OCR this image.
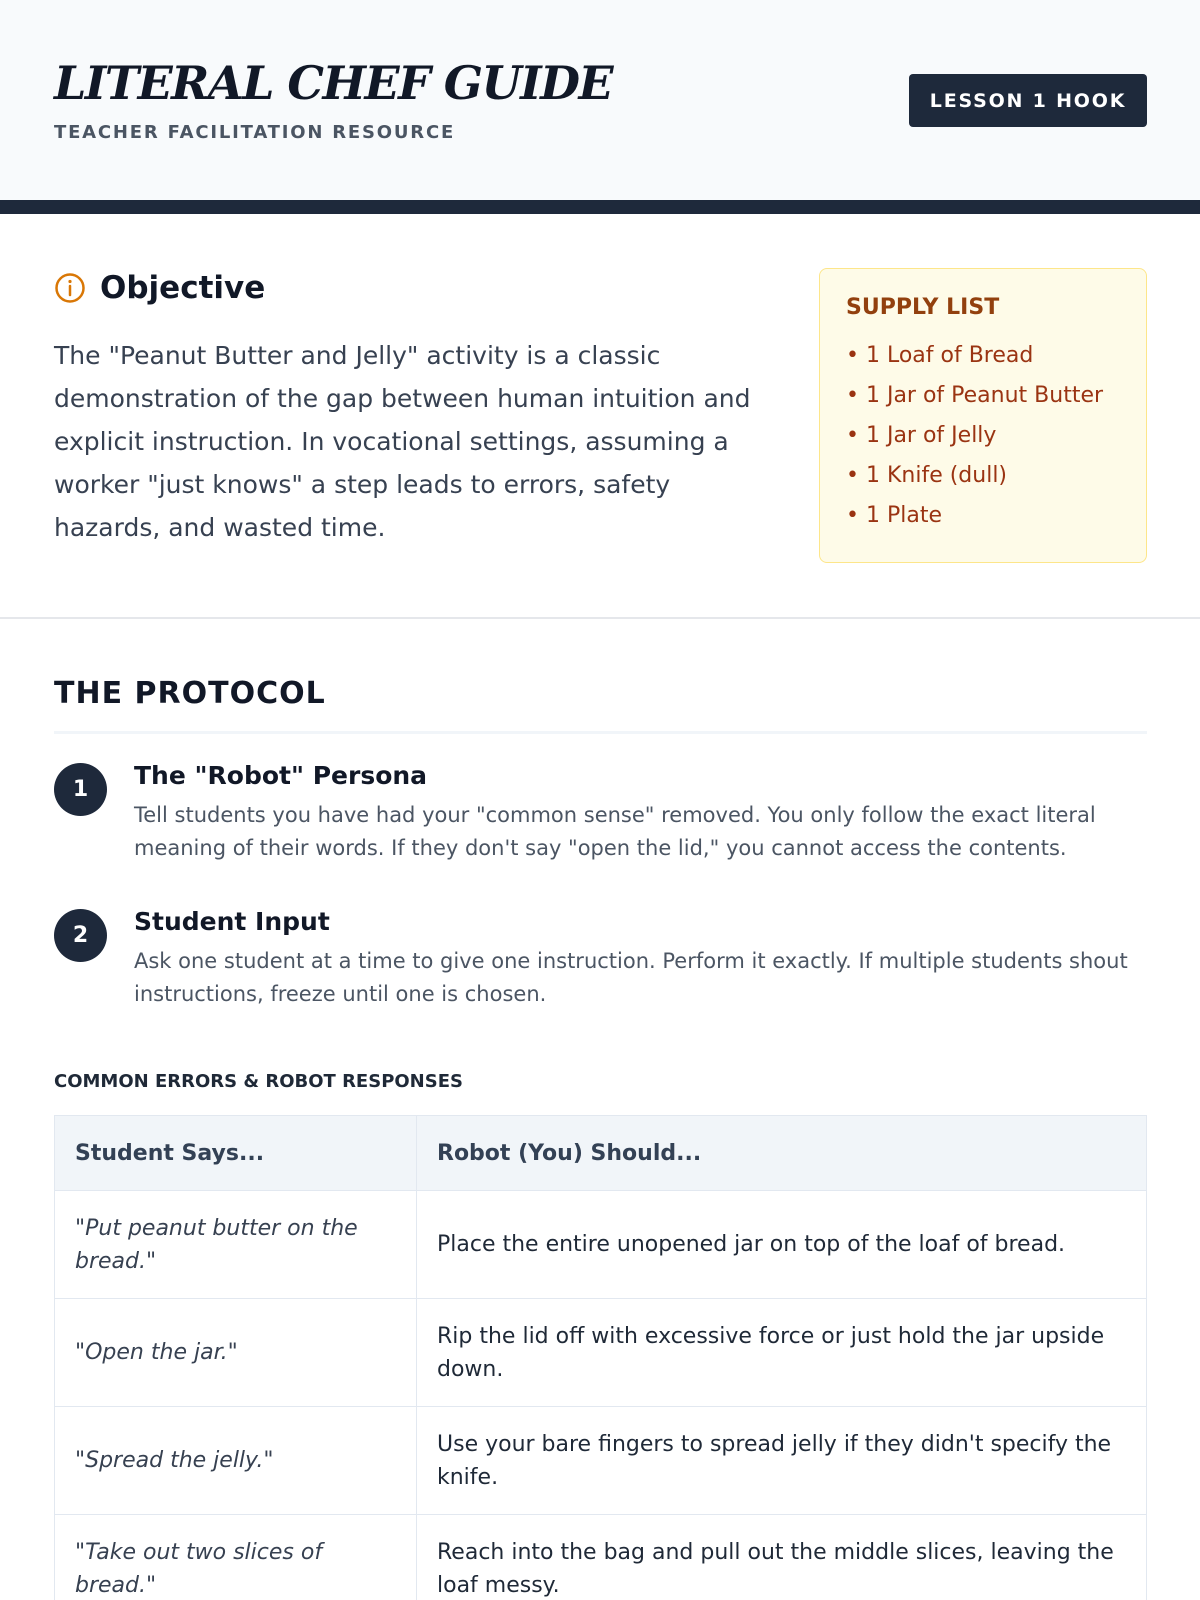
LITERAL CHEF GUIDE
TEACHER FACILITATION RESOURCE
LESSON 1 HOOK
Objective

The "Peanut Butter and Jelly" activity is a classic demonstration of the gap between human intuition and explicit instruction. In vocational settings, assuming a worker "just knows" a step leads to errors, safety hazards, and wasted time.

SUPPLY LIST
• 1 Loaf of Bread
• 1 Jar of Peanut Butter
• 1 Jar of Jelly
• 1 Knife (dull)
• 1 Plate
THE PROTOCOL
1	The "Robot" Persona
Tell students you have had your "common sense" removed. You only follow the exact literal meaning of their words. If they don't say "open the lid," you cannot access the contents.
2	Student Input
Ask one student at a time to give one instruction. Perform it exactly. If multiple students shout instructions, freeze until one is chosen.
COMMON ERRORS & ROBOT RESPONSES
Student Says...	Robot (You) Should...
"Put peanut butter on the bread."	Place the entire unopened jar on top of the loaf of bread.
"Open the jar."	Rip the lid off with excessive force or just hold the jar upside down.
"Spread the jelly."	Use your bare fingers to spread jelly if they didn't specify the knife.
"Take out two slices of bread."	Reach into the bag and pull out the middle slices, leaving the loaf messy.
